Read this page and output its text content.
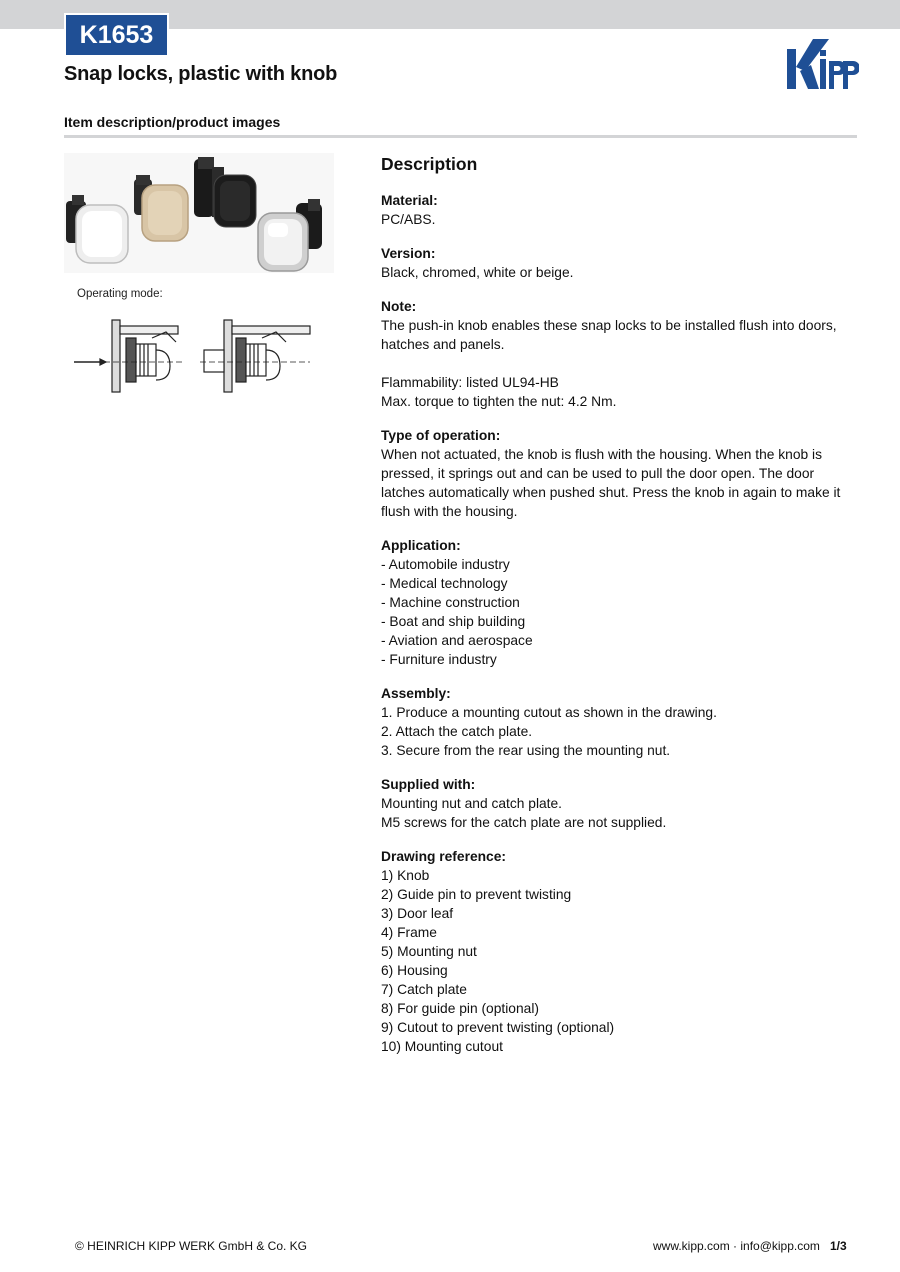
K1653
Snap locks, plastic with knob
Item description/product images
Operating mode:
Description
Material:
PC/ABS.
Version:
Black, chromed, white or beige.
Note:
The push-in knob enables these snap locks to be installed flush into doors, hatches and panels.
Flammability: listed UL94-HB
Max. torque to tighten the nut: 4.2 Nm.
Type of operation:
When not actuated, the knob is flush with the housing. When the knob is pressed, it springs out and can be used to pull the door open. The door latches automatically when pushed shut. Press the knob in again to make it flush with the housing.
Application:
- Automobile industry
- Medical technology
- Machine construction
- Boat and ship building
- Aviation and aerospace
- Furniture industry
Assembly:
1. Produce a mounting cutout as shown in the drawing.
2. Attach the catch plate.
3. Secure from the rear using the mounting nut.
Supplied with:
Mounting nut and catch plate.
M5 screws for the catch plate are not supplied.
Drawing reference:
1) Knob
2) Guide pin to prevent twisting
3) Door leaf
4) Frame
5) Mounting nut
6) Housing
7) Catch plate
8) For guide pin (optional)
9) Cutout to prevent twisting (optional)
10) Mounting cutout
© HEINRICH KIPP WERK GmbH & Co. KG	www.kipp.com · info@kipp.com 1/3
